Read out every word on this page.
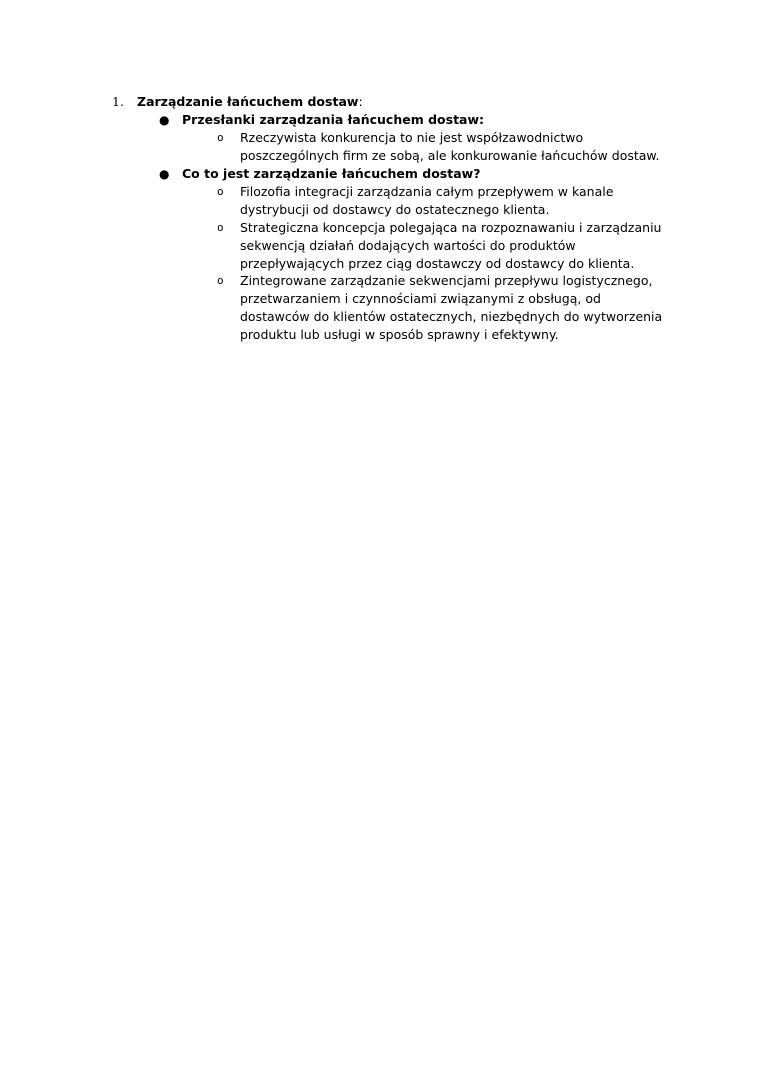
1. Zarządzanie łańcuchem dostaw:
● Przesłanki zarządzania łańcuchem dostaw:
o Rzeczywista konkurencja to nie jest współzawodnictwo poszczególnych firm ze sobą, ale konkurowanie łańcuchów dostaw.
● Co to jest zarządzanie łańcuchem dostaw?
o Filozofia integracji zarządzania całym przepływem w kanale dystrybucji od dostawcy do ostatecznego klienta.
o Strategiczna koncepcja polegająca na rozpoznawaniu i zarządzaniu sekwencją działań dodających wartości do produktów przepływających przez ciąg dostawczy od dostawcy do klienta.
o Zintegrowane zarządzanie sekwencjami przepływu logistycznego, przetwarzaniem i czynnościami związanymi z obsługą, od dostawców do klientów ostatecznych, niezbędnych do wytworzenia produktu lub usługi w sposób sprawny i efektywny.
